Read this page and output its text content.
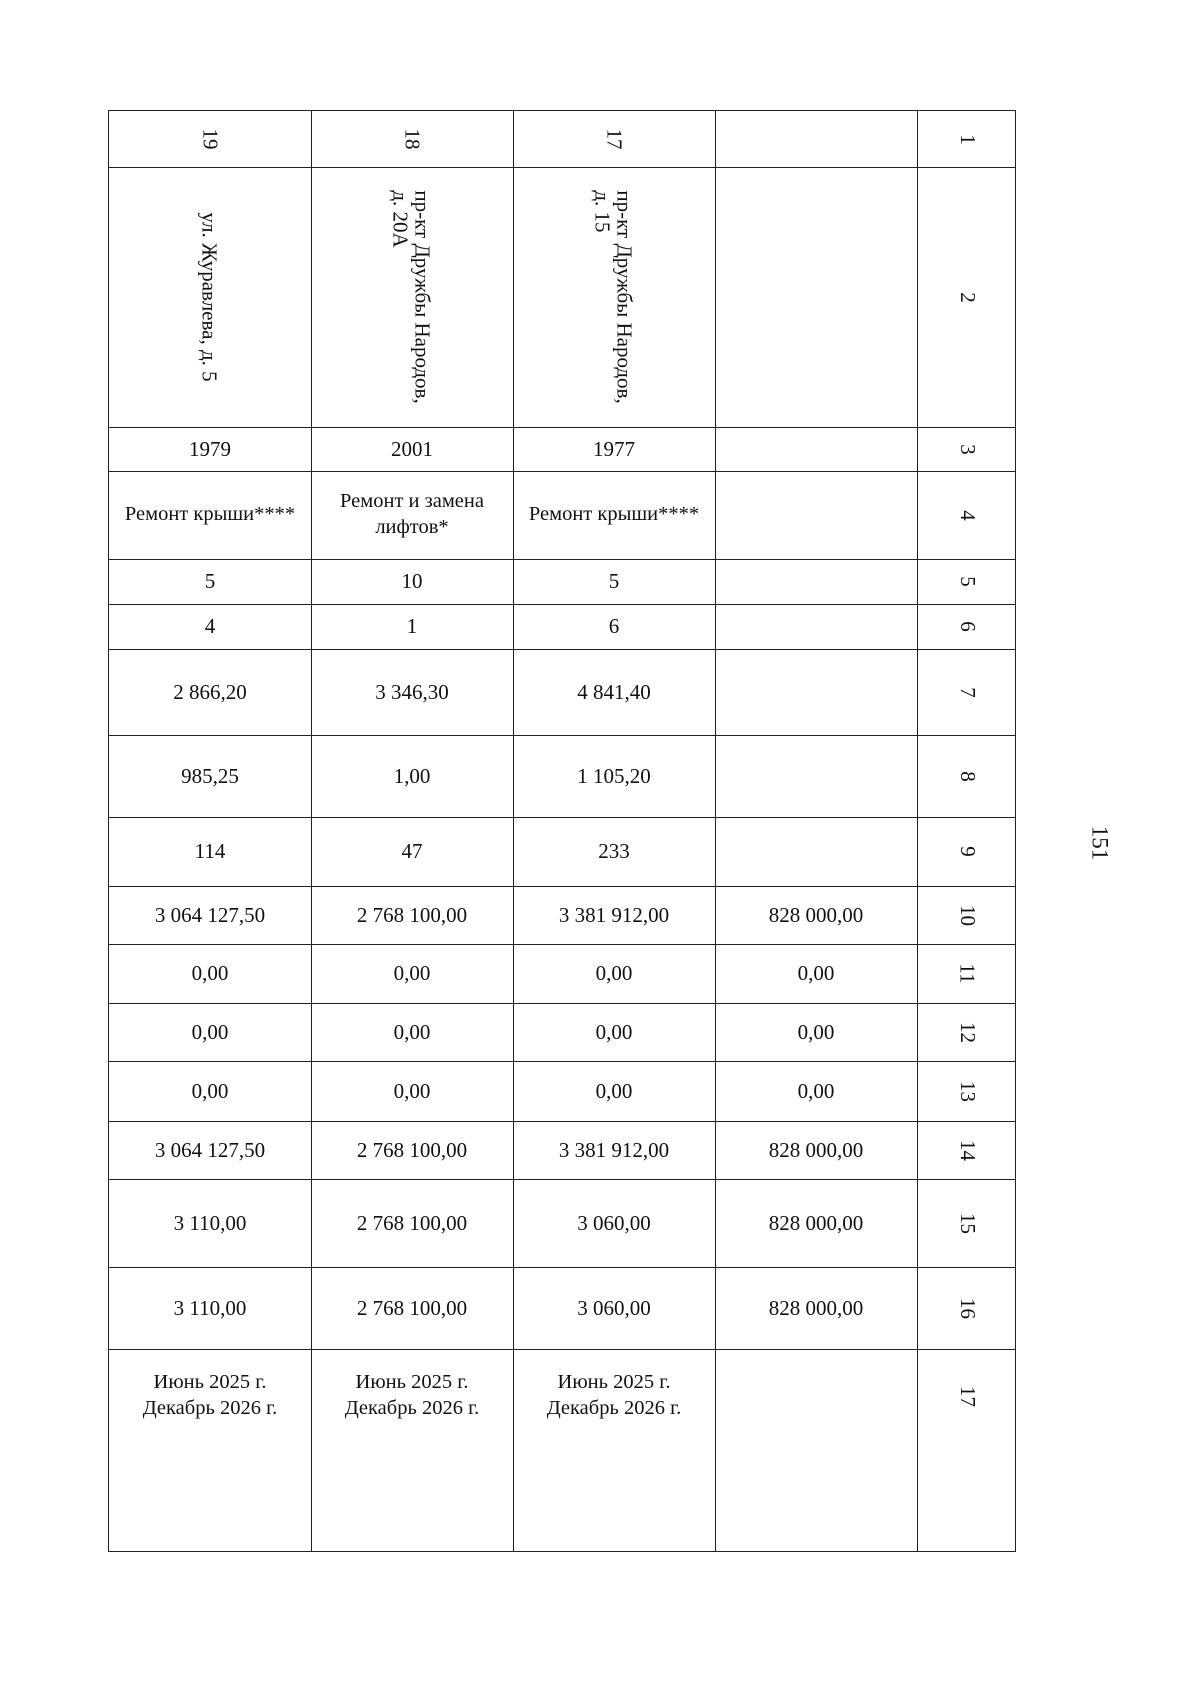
1
2
3
4
5
6
7
8
9
10
11
12
13
14
15
16
17
19
ул. Журавлева, д. 5
1979
Ремонт крыши****
5
4
2 866,20
985,25
114
3 064 127,50
0,00
0,00
0,00
3 064 127,50
3 110,00
3 110,00
Июнь 2025 г.
Декабрь 2026 г.
18
пр-кт Дружбы Народов,
д. 20А
2001
Ремонт и замена лифтов*
10
1
3 346,30
1,00
47
2 768 100,00
0,00
0,00
0,00
2 768 100,00
2 768 100,00
2 768 100,00
Июнь 2025 г.
Декабрь 2026 г.
17
пр-кт Дружбы Народов,
д. 15
1977
Ремонт крыши****
5
6
4 841,40
1 105,20
233
3 381 912,00
0,00
0,00
0,00
3 381 912,00
3 060,00
3 060,00
Июнь 2025 г.
Декабрь 2026 г.
828 000,00
0,00
0,00
0,00
828 000,00
828 000,00
828 000,00
151
